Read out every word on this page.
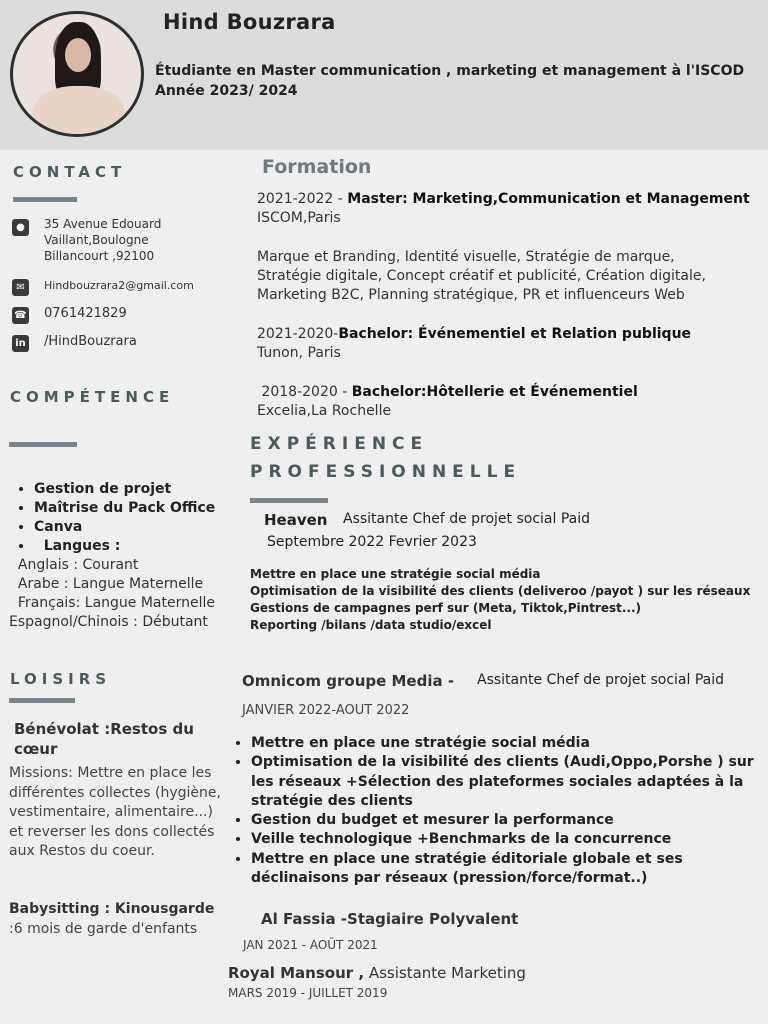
Hind Bouzrara
Étudiante en Master communication , marketing et management à l'ISCOD
Année 2023/ 2024
CONTACT
●	35 Avenue Edouard
Vaillant,Boulogne
Billancourt ,92100
✉	Hindbouzrara2@gmail.com
☎ 0761421829
in /HindBouzrara
COMPÉTENCE
• Gestion de projet
• Maîtrise du Pack Office
• Canva
•   Langues :
Anglais : Courant
Arabe : Langue Maternelle
Français: Langue Maternelle
Espagnol/Chinois : Débutant
LOISIRS
Bénévolat :Restos du cœur
Missions: Mettre en place les différentes collectes (hygiène, vestimentaire, alimentaire...) et reverser les dons collectés aux Restos du coeur.
Babysitting : Kinousgarde
:6 mois de garde d'enfants
Formation
2021-2022 - Master: Marketing,Communication et Management
ISCOM,Paris
Marque et Branding, Identité visuelle, Stratégie de marque, Stratégie digitale, Concept créatif et publicité, Création digitale, Marketing B2C, Planning stratégique, PR et influenceurs Web
2021-2020-Bachelor: Événementiel et Relation publique
Tunon, Paris
2018-2020 - Bachelor:Hôtellerie et Événementiel
Excelia,La Rochelle
EXPÉRIENCE
PROFESSIONNELLE
Heaven Assitante Chef de projet social Paid
Septembre 2022 Fevrier 2023
Mettre en place une stratégie social média
Optimisation de la visibilité des clients (deliveroo /payot ) sur les réseaux
Gestions de campagnes perf sur (Meta, Tiktok,Pintrest...)
Reporting /bilans /data studio/excel
Omnicom groupe Media - Assitante Chef de projet social Paid
JANVIER 2022-AOUT 2022
• Mettre en place une stratégie social média
• Optimisation de la visibilité des clients (Audi,Oppo,Porshe ) sur les réseaux +Sélection des plateformes sociales adaptées à la stratégie des clients
• Gestion du budget et mesurer la performance
• Veille technologique +Benchmarks de la concurrence
• Mettre en place une stratégie éditoriale globale et ses déclinaisons par réseaux (pression/force/format..)
Al Fassia -Stagiaire Polyvalent
JAN 2021 - AOÛT 2021
Royal Mansour , Assistante Marketing
MARS 2019 - JUILLET 2019
